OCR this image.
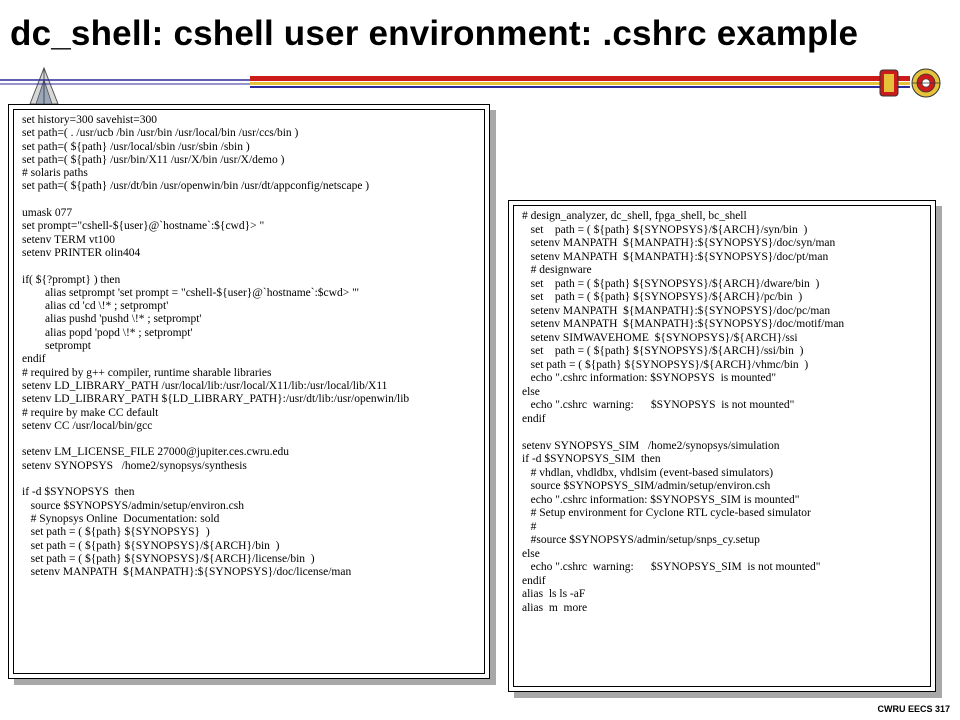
dc_shell: cshell user environment: .cshrc example
set history=300 savehist=300
set path=( . /usr/ucb /bin /usr/bin /usr/local/bin /usr/ccs/bin )
set path=( ${path} /usr/local/sbin /usr/sbin /sbin )
set path=( ${path} /usr/bin/X11 /usr/X/bin /usr/X/demo )
# solaris paths
set path=( ${path} /usr/dt/bin /usr/openwin/bin /usr/dt/appconfig/netscape )

umask 077
set prompt="cshell-${user}@`hostname`:${cwd}> "
setenv TERM vt100
setenv PRINTER olin404

if( ${?prompt} ) then
alias setprompt 'set prompt = "cshell-${user}@`hostname`:$cwd> "'
alias cd 'cd \!* ; setprompt'
alias pushd 'pushd \!* ; setprompt'
alias popd 'popd \!* ; setprompt'
setprompt
endif
# required by g++ compiler, runtime sharable libraries
setenv LD_LIBRARY_PATH /usr/local/lib:/usr/local/X11/lib:/usr/local/lib/X11
setenv LD_LIBRARY_PATH ${LD_LIBRARY_PATH}:/usr/dt/lib:/usr/openwin/lib
# require by make CC default
setenv CC /usr/local/bin/gcc

setenv LM_LICENSE_FILE 27000@jupiter.ces.cwru.edu
setenv SYNOPSYS   /home2/synopsys/synthesis

if -d $SYNOPSYS  then
source $SYNOPSYS/admin/setup/environ.csh
# Synopsys Online  Documentation: sold
set path = ( ${path} ${SYNOPSYS}  )
set path = ( ${path} ${SYNOPSYS}/${ARCH}/bin  )
set path = ( ${path} ${SYNOPSYS}/${ARCH}/license/bin  )
setenv MANPATH  ${MANPATH}:${SYNOPSYS}/doc/license/man
# design_analyzer, dc_shell, fpga_shell, bc_shell
set    path = ( ${path} ${SYNOPSYS}/${ARCH}/syn/bin  )
setenv MANPATH  ${MANPATH}:${SYNOPSYS}/doc/syn/man
setenv MANPATH  ${MANPATH}:${SYNOPSYS}/doc/pt/man
# designware
set    path = ( ${path} ${SYNOPSYS}/${ARCH}/dware/bin  )
set    path = ( ${path} ${SYNOPSYS}/${ARCH}/pc/bin  )
setenv MANPATH  ${MANPATH}:${SYNOPSYS}/doc/pc/man
setenv MANPATH  ${MANPATH}:${SYNOPSYS}/doc/motif/man
setenv SIMWAVEHOME  ${SYNOPSYS}/${ARCH}/ssi
set    path = ( ${path} ${SYNOPSYS}/${ARCH}/ssi/bin  )
set path = ( ${path} ${SYNOPSYS}/${ARCH}/vhmc/bin  )
echo ".cshrc information: $SYNOPSYS  is mounted"
else
echo ".cshrc  warning:      $SYNOPSYS  is not mounted"
endif

setenv SYNOPSYS_SIM   /home2/synopsys/simulation
if -d $SYNOPSYS_SIM  then
# vhdlan, vhdldbx, vhdlsim (event-based simulators)
source $SYNOPSYS_SIM/admin/setup/environ.csh
echo ".cshrc information: $SYNOPSYS_SIM is mounted"
# Setup environment for Cyclone RTL cycle-based simulator
#
#source $SYNOPSYS/admin/setup/snps_cy.setup
else
echo ".cshrc  warning:      $SYNOPSYS_SIM  is not mounted"
endif
alias  ls ls -aF
alias  m  more
CWRU EECS 317
